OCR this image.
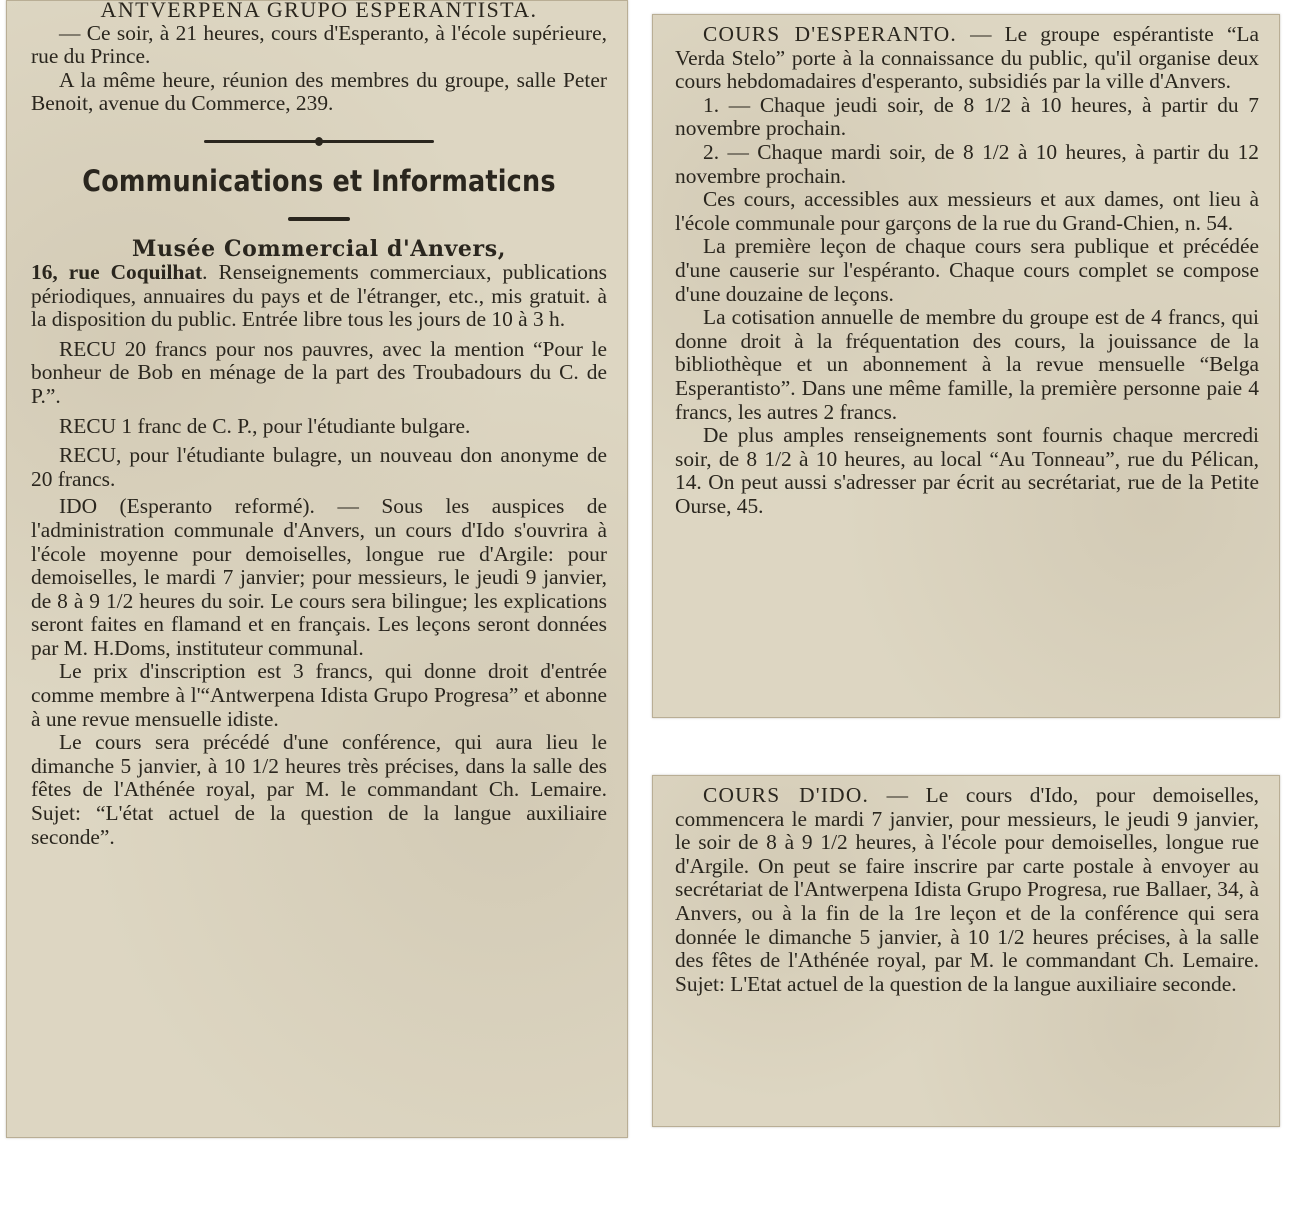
ANTVERPENA GRUPO ESPERANTISTA.

— Ce soir, à 21 heures, cours d'Esperanto, à l'école supérieure, rue du Prince.

A la même heure, réunion des membres du groupe, salle Peter Benoit, avenue du Commerce, 239.

Communications et Informaticns

Musée Commercial d'Anvers,

16, rue Coquilhat. Renseignements commerciaux, publications périodiques, annuaires du pays et de l'étranger, etc., mis gratuit. à la disposition du public. Entrée libre tous les jours de 10 à 3 h.

RECU 20 francs pour nos pauvres, avec la mention “Pour le bonheur de Bob en ménage de la part des Troubadours du C. de P.”.

RECU 1 franc de C. P., pour l'étudiante bulgare.

RECU, pour l'étudiante bulagre, un nouveau don anonyme de 20 francs.

IDO (Esperanto reformé). — Sous les auspices de l'administration communale d'Anvers, un cours d'Ido s'ouvrira à l'école moyenne pour demoiselles, longue rue d'Argile: pour demoiselles, le mardi 7 janvier; pour messieurs, le jeudi 9 janvier, de 8 à 9 1/2 heures du soir. Le cours sera bilingue; les explications seront faites en flamand et en français. Les leçons seront données par M. H.Doms, instituteur communal.

Le prix d'inscription est 3 francs, qui donne droit d'entrée comme membre à l'“Antwerpena Idista Grupo Progresa” et abonne à une revue mensuelle idiste.

Le cours sera précédé d'une conférence, qui aura lieu le dimanche 5 janvier, à 10 1/2 heures très précises, dans la salle des fêtes de l'Athénée royal, par M. le commandant Ch. Lemaire. Sujet: “L'état actuel de la question de la langue auxiliaire seconde”.

COURS D'ESPERANTO. — Le groupe espérantiste “La Verda Stelo” porte à la connaissance du public, qu'il organise deux cours hebdomadaires d'esperanto, subsidiés par la ville d'Anvers.

1. — Chaque jeudi soir, de 8 1/2 à 10 heures, à partir du 7 novembre prochain.

2. — Chaque mardi soir, de 8 1/2 à 10 heures, à partir du 12 novembre prochain.

Ces cours, accessibles aux messieurs et aux dames, ont lieu à l'école communale pour garçons de la rue du Grand-Chien, n. 54.

La première leçon de chaque cours sera publique et précédée d'une causerie sur l'espéranto. Chaque cours complet se compose d'une douzaine de leçons.

La cotisation annuelle de membre du groupe est de 4 francs, qui donne droit à la fréquentation des cours, la jouissance de la bibliothèque et un abonnement à la revue mensuelle “Belga Esperantisto”. Dans une même famille, la première personne paie 4 francs, les autres 2 francs.

De plus amples renseignements sont fournis chaque mercredi soir, de 8 1/2 à 10 heures, au local “Au Tonneau”, rue du Pélican, 14. On peut aussi s'adresser par écrit au secrétariat, rue de la Petite Ourse, 45.

COURS D'IDO. — Le cours d'Ido, pour demoiselles, commencera le mardi 7 janvier, pour messieurs, le jeudi 9 janvier, le soir de 8 à 9 1/2 heures, à l'école pour demoiselles, longue rue d'Argile. On peut se faire inscrire par carte postale à envoyer au secrétariat de l'Antwerpena Idista Grupo Progresa, rue Ballaer, 34, à Anvers, ou à la fin de la 1re leçon et de la conférence qui sera donnée le dimanche 5 janvier, à 10 1/2 heures précises, à la salle des fêtes de l'Athénée royal, par M. le commandant Ch. Lemaire. Sujet: L'Etat actuel de la question de la langue auxiliaire seconde.
